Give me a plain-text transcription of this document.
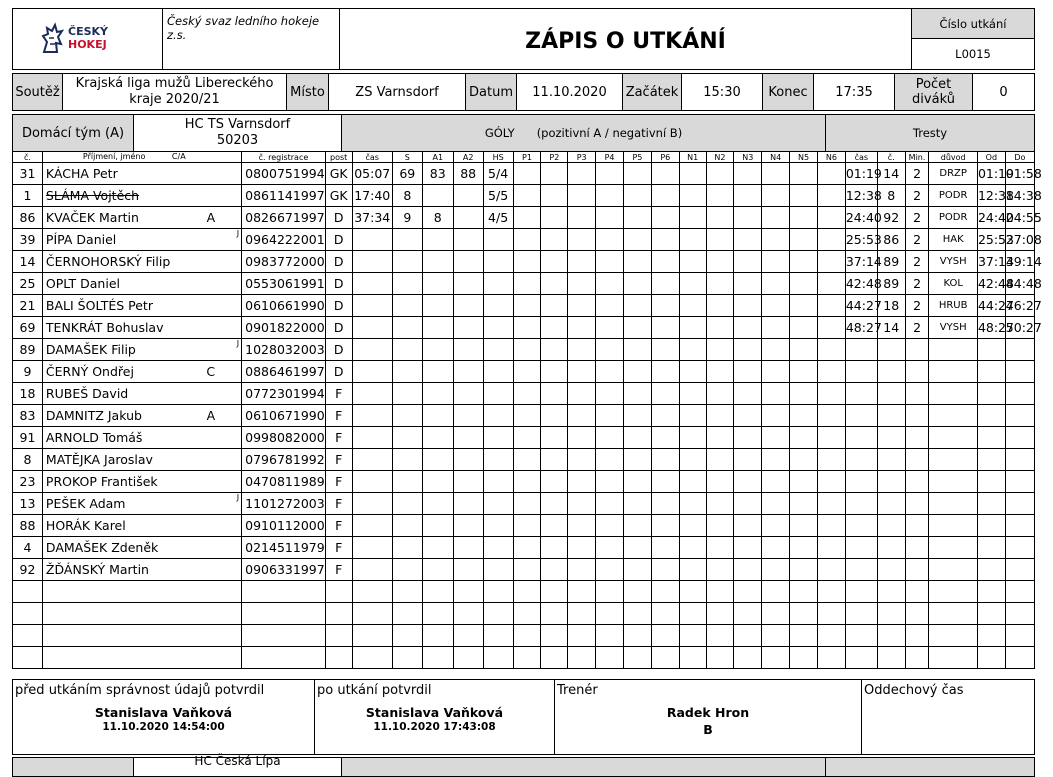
ČESKÝ
HOKEJ
Český svaz ledního hokeje z.s.	ZÁPIS O UTKÁNÍ
Číslo utkání
L0015
Soutěž
Krajská liga mužů Libereckého
kraje 2020/21	Místo	ZS Varnsdorf	Datum	11.10.2020	Začátek	15:30	Konec	17:35	Počet
diváků	0
Domácí tým (A)
HC TS Varnsdorf
50203	GÓLY (pozitivní A / negativní B)	Tresty
č.	Příjmení, jméno C/A	č. registrace	post	čas	S	A1	A2	HS	P1	P2	P3	P4	P5	P6	N1	N2	N3	N4	N5	N6	čas	č.	Min.	důvod	Od	Do
31	KÁCHA Petr	0800751994	GK	05:07	69	83	88	5/4													01:19	14	2	DRZP	01:19	01:58
1	SLÁMA Vojtěch	0861141997	GK	17:40	8			5/5													12:38	8	2	PODR	12:38	14:38
86	KVAČEK Martin A	0826671997	D	37:34	9	8		4/5													24:40	92	2	PODR	24:40	24:55
39	PÍPA Daniel J	0964222001	D																		25:53	86	2	HAK	25:53	27:08
14	ČERNOHORSKÝ Filip	0983772000	D																		37:14	89	2	VYSH	37:14	39:14
25	OPLT Daniel	0553061991	D																		42:48	89	2	KOL	42:48	44:48
21	BALI ŠOLTÉS Petr	0610661990	D																		44:27	18	2	HRUB	44:27	46:27
69	TENKRÁT Bohuslav	0901822000	D																		48:27	14	2	VYSH	48:27	50:27
89	DAMAŠEK Filip J	1028032003	D																							
9	ČERNÝ Ondřej C	0886461997	D																							
18	RUBEŠ David	0772301994	F																							
83	DAMNITZ Jakub A	0610671990	F																							
91	ARNOLD Tomáš	0998082000	F																							
8	MATĚJKA Jaroslav	0796781992	F																							
23	PROKOP František	0470811989	F																							
13	PEŠEK Adam J	1101272003	F																							
88	HORÁK Karel	0910112000	F																							
4	DAMAŠEK Zdeněk	0214511979	F																							
92	ŽĎÁNSKÝ Martin	0906331997	F																							

před utkáním správnost údajů potvrdil
Stanislava Vaňková
11.10.2020 14:54:00
po utkání potvrdil
Stanislava Vaňková
11.10.2020 17:43:08
Trenér
Radek Hron
B
Oddechový čas
HC Česká Lípa
